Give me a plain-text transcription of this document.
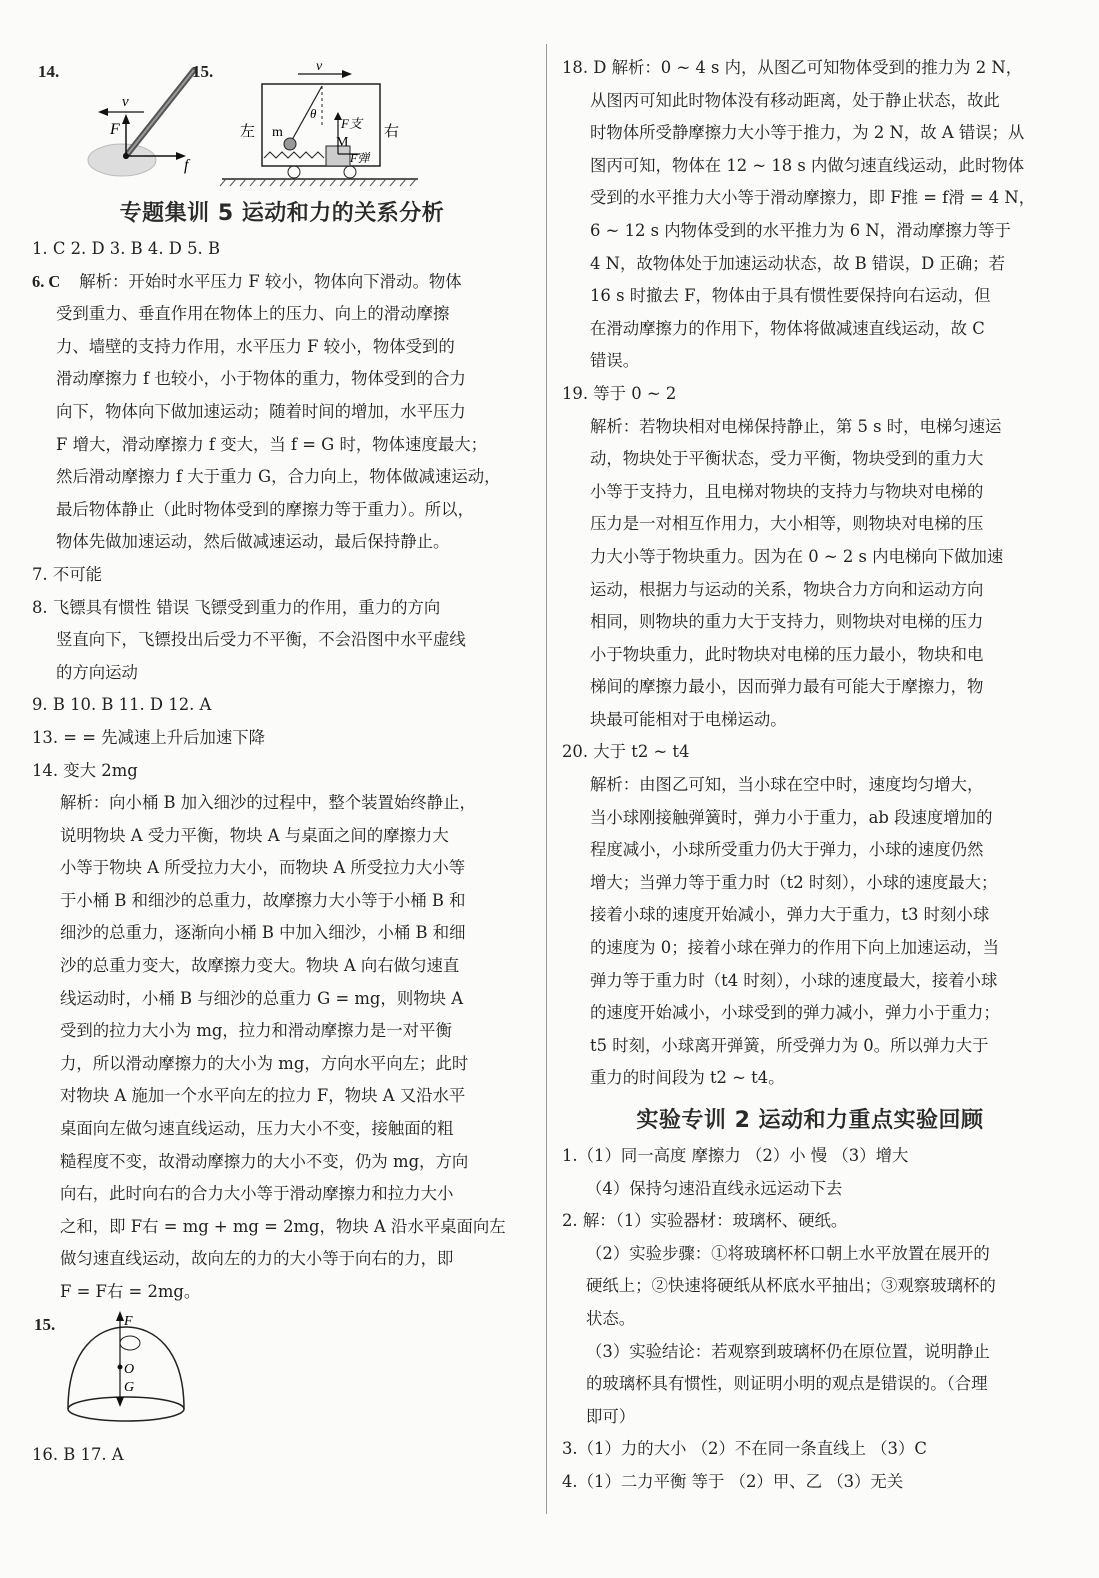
14.
v
F
f
15.	v
m
θ
F支
M
F弹
左	右
专题集训 5 运动和力的关系分析

1. C 2. D 3. B 4. D 5. B

6. C 解析：开始时水平压力 F 较小，物体向下滑动。物体

受到重力、垂直作用在物体上的压力、向上的滑动摩擦

力、墙壁的支持力作用，水平压力 F 较小，物体受到的

滑动摩擦力 f 也较小，小于物体的重力，物体受到的合力

向下，物体向下做加速运动；随着时间的增加，水平压力

F 增大，滑动摩擦力 f 变大，当 f = G 时，物体速度最大；

然后滑动摩擦力 f 大于重力 G，合力向上，物体做减速运动，

最后物体静止（此时物体受到的摩擦力等于重力）。所以，

物体先做加速运动，然后做减速运动，最后保持静止。

7. 不可能

8. 飞镖具有惯性 错误 飞镖受到重力的作用，重力的方向

竖直向下，飞镖投出后受力不平衡，不会沿图中水平虚线

的方向运动

9. B 10. B 11. D 12. A

13. = = 先减速上升后加速下降

14. 变大 2mg

解析：向小桶 B 加入细沙的过程中，整个装置始终静止，

说明物块 A 受力平衡，物块 A 与桌面之间的摩擦力大

小等于物块 A 所受拉力大小，而物块 A 所受拉力大小等

于小桶 B 和细沙的总重力，故摩擦力大小等于小桶 B 和

细沙的总重力，逐渐向小桶 B 中加入细沙，小桶 B 和细

沙的总重力变大，故摩擦力变大。物块 A 向右做匀速直

线运动时，小桶 B 与细沙的总重力 G = mg，则物块 A

受到的拉力大小为 mg，拉力和滑动摩擦力是一对平衡

力，所以滑动摩擦力的大小为 mg，方向水平向左；此时

对物块 A 施加一个水平向左的拉力 F，物块 A 又沿水平

桌面向左做匀速直线运动，压力大小不变，接触面的粗

糙程度不变，故滑动摩擦力的大小不变，仍为 mg，方向

向右，此时向右的合力大小等于滑动摩擦力和拉力大小

之和，即 F右 = mg + mg = 2mg，物块 A 沿水平桌面向左

做匀速直线运动，故向左的力的大小等于向右的力，即

F = F右 = 2mg。

15.	F
O
G

16. B 17. A

18. D 解析：0 ~ 4 s 内，从图乙可知物体受到的推力为 2 N，

从图丙可知此时物体没有移动距离，处于静止状态，故此

时物体所受静摩擦力大小等于推力，为 2 N，故 A 错误；从

图丙可知，物体在 12 ~ 18 s 内做匀速直线运动，此时物体

受到的水平推力大小等于滑动摩擦力，即 F推 = f滑 = 4 N，

6 ~ 12 s 内物体受到的水平推力为 6 N，滑动摩擦力等于

4 N，故物体处于加速运动状态，故 B 错误，D 正确；若

16 s 时撤去 F，物体由于具有惯性要保持向右运动，但

在滑动摩擦力的作用下，物体将做减速直线运动，故 C

错误。

19. 等于 0 ~ 2

解析：若物块相对电梯保持静止，第 5 s 时，电梯匀速运

动，物块处于平衡状态，受力平衡，物块受到的重力大

小等于支持力，且电梯对物块的支持力与物块对电梯的

压力是一对相互作用力，大小相等，则物块对电梯的压

力大小等于物块重力。因为在 0 ~ 2 s 内电梯向下做加速

运动，根据力与运动的关系，物块合力方向和运动方向

相同，则物块的重力大于支持力，则物块对电梯的压力

小于物块重力，此时物块对电梯的压力最小，物块和电

梯间的摩擦力最小，因而弹力最有可能大于摩擦力，物

块最可能相对于电梯运动。

20. 大于 t2 ~ t4

解析：由图乙可知，当小球在空中时，速度均匀增大，

当小球刚接触弹簧时，弹力小于重力，ab 段速度增加的

程度减小，小球所受重力仍大于弹力，小球的速度仍然

增大；当弹力等于重力时（t2 时刻），小球的速度最大；

接着小球的速度开始减小，弹力大于重力，t3 时刻小球

的速度为 0；接着小球在弹力的作用下向上加速运动，当

弹力等于重力时（t4 时刻），小球的速度最大，接着小球

的速度开始减小，小球受到的弹力减小，弹力小于重力；

t5 时刻，小球离开弹簧，所受弹力为 0。所以弹力大于

重力的时间段为 t2 ~ t4。

实验专训 2 运动和力重点实验回顾

1.（1）同一高度 摩擦力 （2）小 慢 （3）增大

（4）保持匀速沿直线永远运动下去

2. 解：（1）实验器材：玻璃杯、硬纸。

（2）实验步骤：①将玻璃杯杯口朝上水平放置在展开的

硬纸上；②快速将硬纸从杯底水平抽出；③观察玻璃杯的

状态。

（3）实验结论：若观察到玻璃杯仍在原位置，说明静止

的玻璃杯具有惯性，则证明小明的观点是错误的。（合理

即可）

3.（1）力的大小 （2）不在同一条直线上 （3）C

4.（1）二力平衡 等于 （2）甲、乙 （3）无关
